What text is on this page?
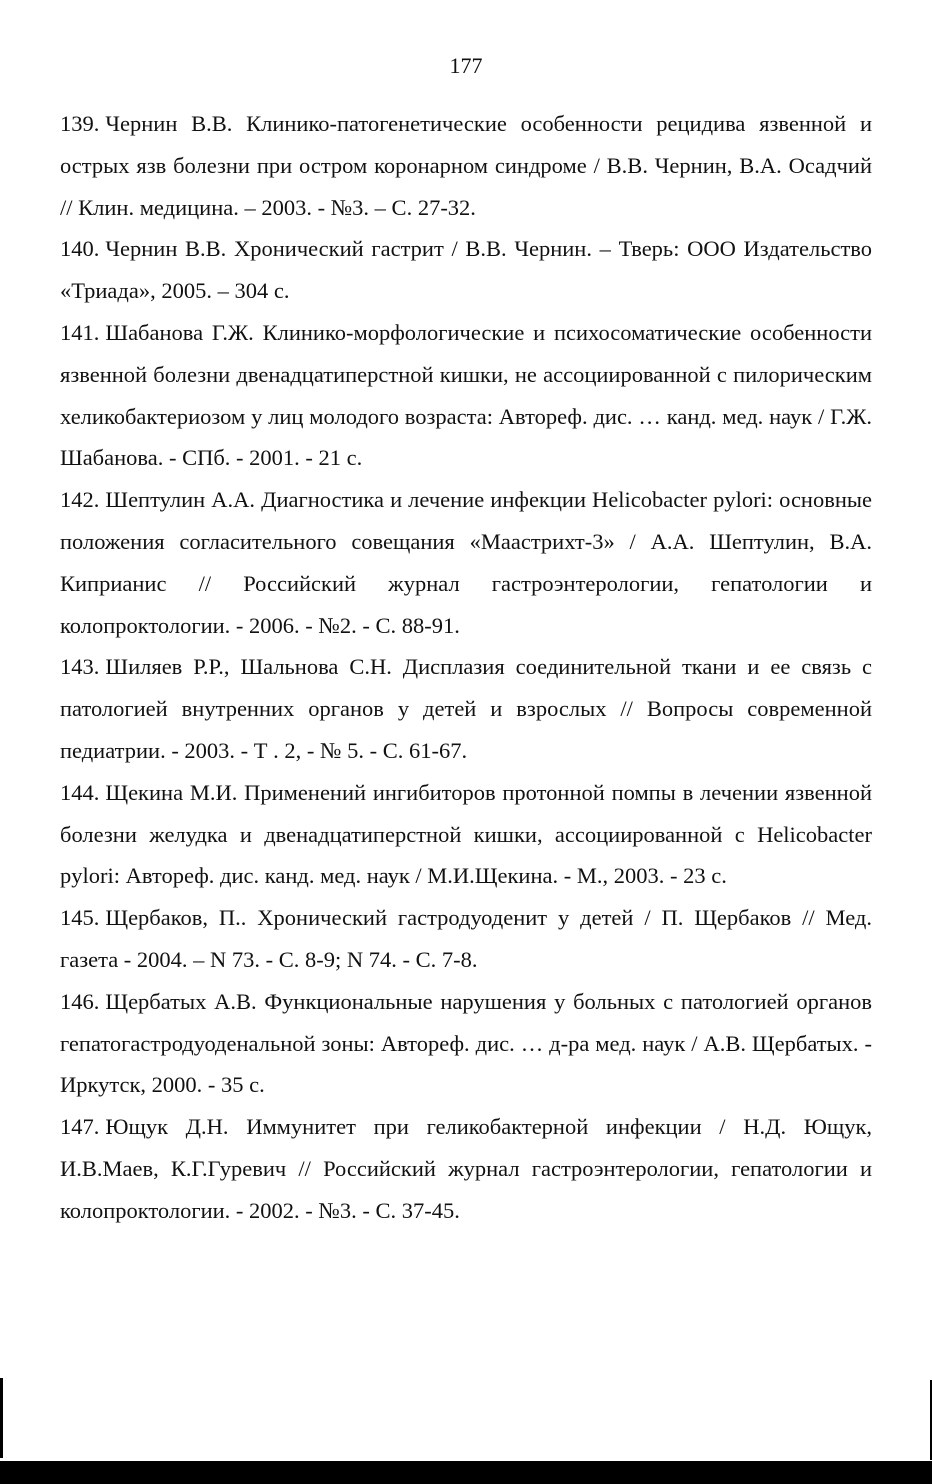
177

139. Чернин В.В. Клинико-патогенетические особенности рецидива язвенной и острых язв болезни при остром коронарном синдроме / В.В. Чернин, В.А. Осадчий // Клин. медицина. – 2003. - №3. – С. 27-32.

140. Чернин В.В. Хронический гастрит / В.В. Чернин. – Тверь: ООО Издательство «Триада», 2005. – 304 с.

141. Шабанова Г.Ж. Клинико-морфологические и психосоматические особенности язвенной болезни двенадцатиперстной кишки, не ассоциированной с пилорическим хеликобактериозом у лиц молодого возраста: Автореф. дис. … канд. мед. наук / Г.Ж. Шабанова. - СПб. - 2001. - 21 с.

142. Шептулин А.А. Диагностика и лечение инфекции Helicobacter pylori: основные положения согласительного совещания «Маастрихт-3» / А.А. Шептулин, В.А. Киприанис // Российский журнал гастроэнтерологии, гепатологии и колопроктологии. - 2006. - №2. - С. 88-91.

143. Шиляев Р.Р., Шальнова С.Н. Дисплазия соединительной ткани и ее связь с патологией внутренних органов у детей и взрослых // Вопросы современной педиатрии. - 2003. - Т . 2, - № 5. - С. 61-67.

144. Щекина М.И. Применений ингибиторов протонной помпы в лечении язвенной болезни желудка и двенадцатиперстной кишки, ассоциированной с Helicobacter pylori: Автореф. дис. канд. мед. наук / М.И.Щекина. - М., 2003. - 23 с.

145. Щербаков, П.. Хронический гастродуоденит у детей / П. Щербаков // Мед. газета - 2004. – N 73. - С. 8-9; N 74. - С. 7-8.

146. Щербатых А.В. Функциональные нарушения у больных с патологией органов гепатогастродуоденальной зоны: Автореф. дис. … д-ра мед. наук / А.В. Щербатых. - Иркутск, 2000. - 35 с.

147. Ющук Д.Н. Иммунитет при геликобактерной инфекции / Н.Д. Ющук, И.В.Маев, К.Г.Гуревич // Российский журнал гастроэнтерологии, гепатологии и колопроктологии. - 2002. - №3. - С. 37-45.
